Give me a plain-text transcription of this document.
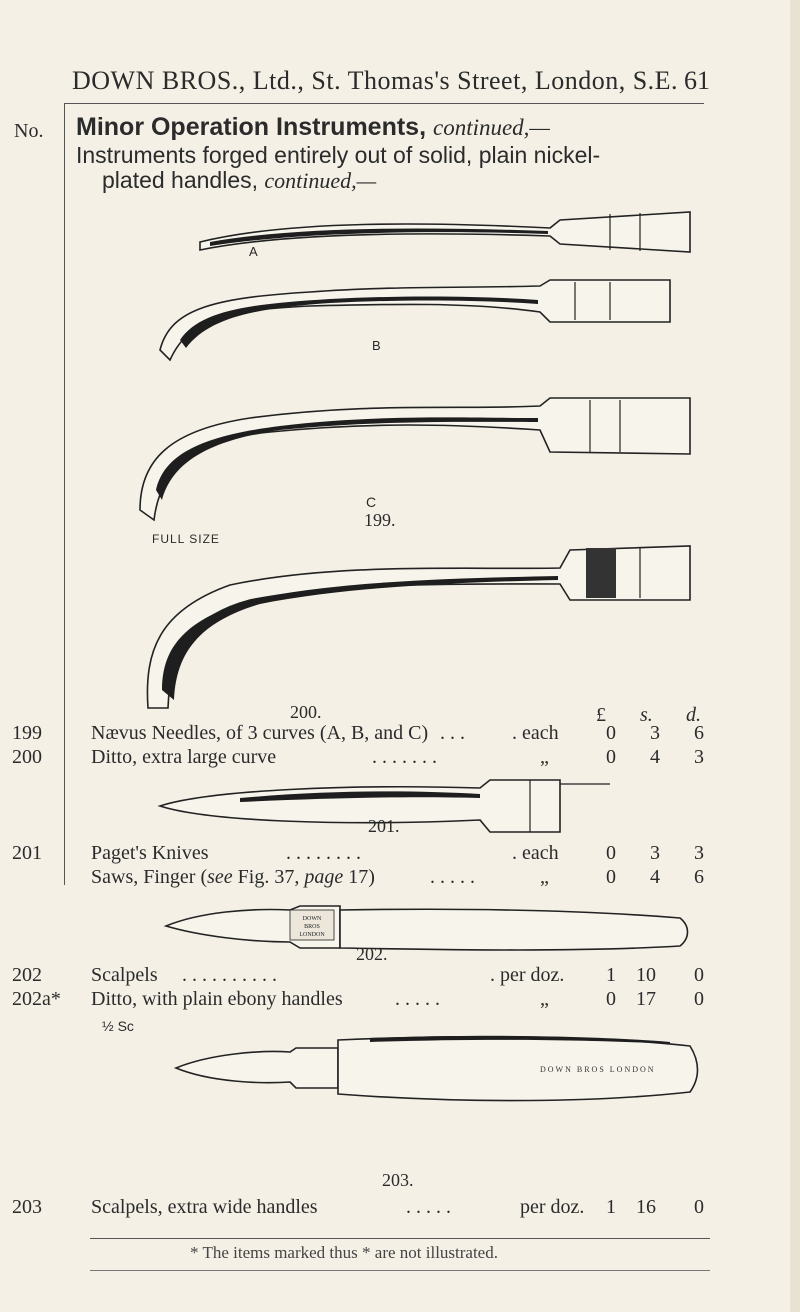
DOWN BROS., Ltd., St. Thomas's Street, London, S.E. 61
No. Minor Operation Instruments, continued,—
Instruments forged entirely out of solid, plain nickel-
plated handles, continued,—
A
B
C
199.
FULL SIZE
200.	£ s. d.
199 Nævus Needles, of 3 curves (A, B, and C) . . . . each	0	3	6
200 Ditto, extra large curve	. . . . . . .	„	0	4	3
201.
201 Paget's Knives	. . . . . . . .	. each	0	3	3
Saws, Finger (see Fig. 37, page 17)	. . . . .	„	0	4	6
DOWN
BROS
LONDON
202.
202 Scalpels . . . . . . . . . .	. per doz.	1	10	0
202a* Ditto, with plain ebony handles	. . . . .	„	0	17	0
½ Sc
DOWN BROS LONDON
203.
203 Scalpels, extra wide handles	. . . . .	per doz.	1	16	0
* The items marked thus * are not illustrated.
